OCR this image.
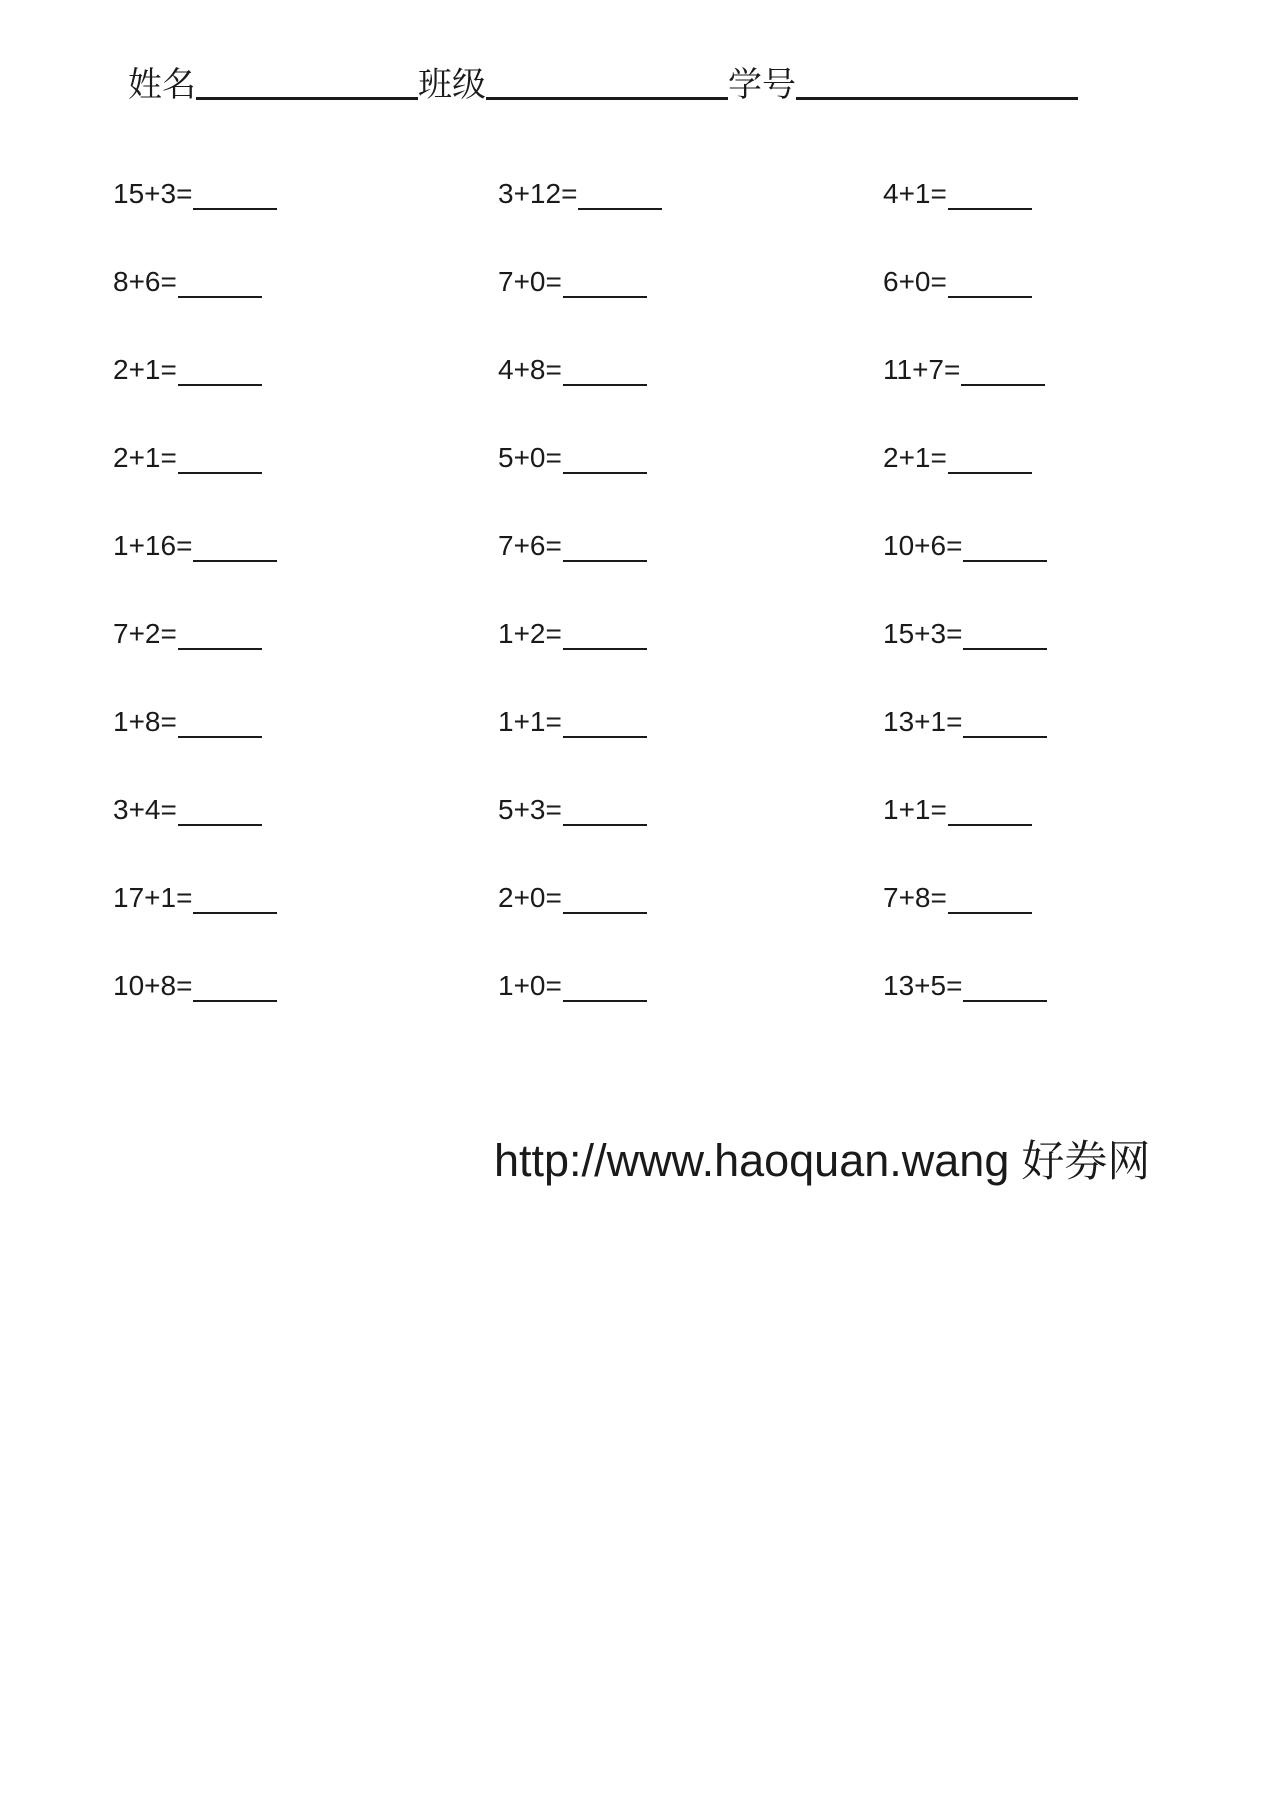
姓名	班级	学号
15+3=	3+12=	4+1=
8+6=	7+0=	6+0=
2+1=	4+8=	11+7=
2+1=	5+0=	2+1=
1+16=	7+6=	10+6=
7+2=	1+2=	15+3=
1+8=	1+1=	13+1=
3+4=	5+3=	1+1=
17+1=	2+0=	7+8=
10+8=	1+0=	13+5=
http://www.haoquan.wang 好券网
